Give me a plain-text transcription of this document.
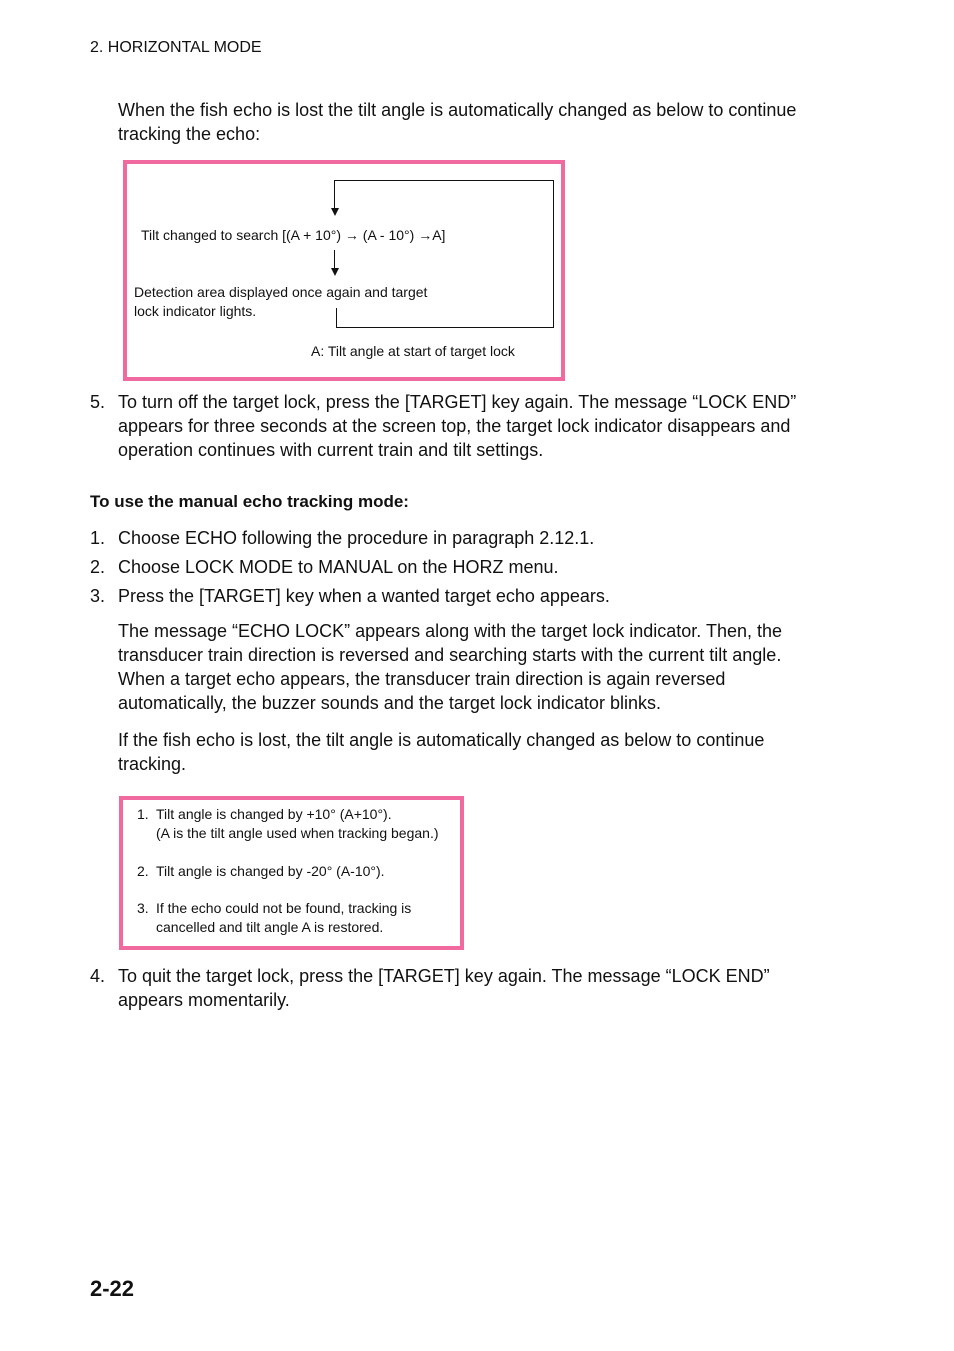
2. HORIZONTAL MODE
When the fish echo is lost the tilt angle is automatically changed as below to continue tracking the echo:
Tilt changed to search [(A + 10°) → (A - 10°) →A]
Detection area displayed once again and target
lock indicator lights.
A: Tilt angle at start of target lock
5. To turn off the target lock, press the [TARGET] key again. The message “LOCK END” appears for three seconds at the screen top, the target lock indicator disappears and operation continues with current train and tilt settings.
To use the manual echo tracking mode:
1. Choose ECHO following the procedure in paragraph 2.12.1.
2. Choose LOCK MODE to MANUAL on the HORZ menu.
3. Press the [TARGET] key when a wanted target echo appears.
The message “ECHO LOCK” appears along with the target lock indicator. Then, the transducer train direction is reversed and searching starts with the current tilt angle. When a target echo appears, the transducer train direction is again reversed automatically, the buzzer sounds and the target lock indicator blinks.
If the fish echo is lost, the tilt angle is automatically changed as below to continue tracking.
1. Tilt angle is changed by +10° (A+10°).
(A is the tilt angle used when tracking began.)
2. Tilt angle is changed by -20° (A-10°).
3. If the echo could not be found, tracking is
cancelled and tilt angle A is restored.
4. To quit the target lock, press the [TARGET] key again. The message “LOCK END” appears momentarily.
2-22
